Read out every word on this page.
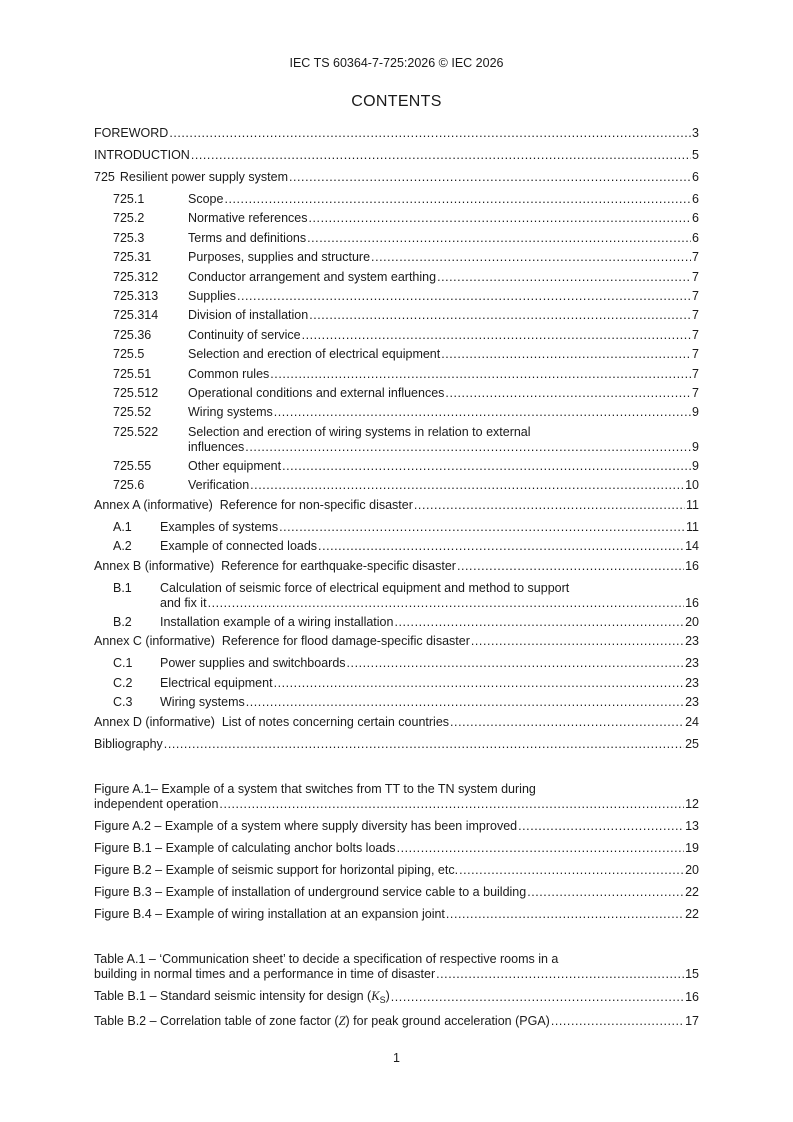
IEC TS 60364-7-725:2026 © IEC 2026
CONTENTS
FOREWORD .....	3
INTRODUCTION .....	5
725 Resilient power supply system .....	6
725.1	Scope .....	6
725.2	Normative references .....	6
725.3	Terms and definitions .....	6
725.31	Purposes, supplies and structure .....	7
725.312	Conductor arrangement and system earthing .....	7
725.313	Supplies .....	7
725.314	Division of installation .....	7
725.36	Continuity of service .....	7
725.5	Selection and erection of electrical equipment .....	7
725.51	Common rules .....	7
725.512	Operational conditions and external influences .....	7
725.52	Wiring systems .....	9
725.522	Selection and erection of wiring systems in relation to external
influences .....	9
725.55	Other equipment .....	9
725.6	Verification .....	10
Annex A (informative)  Reference for non-specific disaster .....	11
A.1	Examples of systems .....	11
A.2	Example of connected loads .....	14
Annex B (informative)  Reference for earthquake-specific disaster .....	16
B.1	Calculation of seismic force of electrical equipment and method to support
and fix it .....	16
B.2	Installation example of a wiring installation .....	20
Annex C (informative)  Reference for flood damage-specific disaster .....	23
C.1	Power supplies and switchboards .....	23
C.2	Electrical equipment .....	23
C.3	Wiring systems .....	23
Annex D (informative)  List of notes concerning certain countries .....	24
Bibliography .....	25
Figure A.1– Example of a system that switches from TT to the TN system during
independent operation .....	12
Figure A.2 – Example of a system where supply diversity has been improved .....	13
Figure B.1 – Example of calculating anchor bolts loads .....	19
Figure B.2 – Example of seismic support for horizontal piping, etc. .....	20
Figure B.3 – Example of installation of underground service cable to a building .....	22
Figure B.4 – Example of wiring installation at an expansion joint .....	22
Table A.1 – ‘Communication sheet’ to decide a specification of respective rooms in a
building in normal times and a performance in time of disaster .....	15
Table B.1 – Standard seismic intensity for design $(K_S)$ .....	16
Table B.2 – Correlation table of zone factor (Z) for peak ground acceleration (PGA) .....	17
1
